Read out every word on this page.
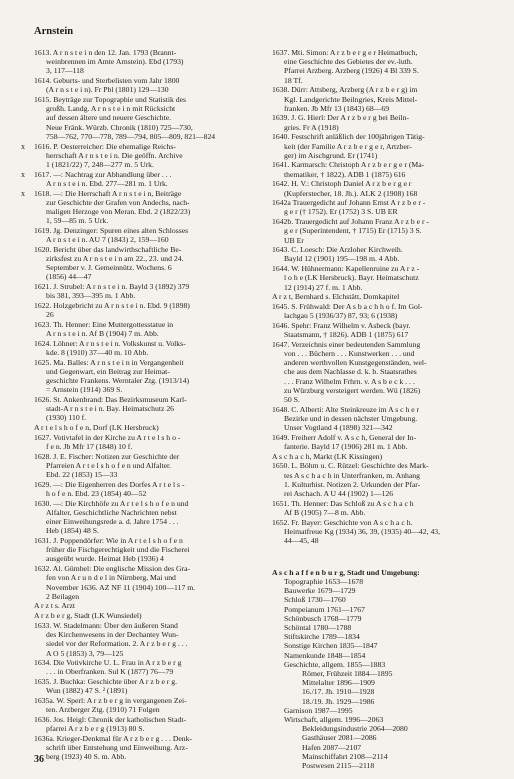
Arnstein
1613. A r n s t e i n den 12. Jan. 1793 (Brannt-
weinbrennen im Amte Arnstein). Ebd (1793)
3, 117—118
1614. Geburts- und Sterbelisten vom Jahr 1800
(A r n s t e i n). Fr Pbl (1801) 129—130
1615. Beyträge zur Topographie und Statistik des
großh. Landg. A r n s t e i n mit Rücksicht
auf dessen ältere und neuere Geschichte.
Neue Fränk. Würzb. Chronik (1810) 725—730,
758—762, 770—778, 789—794, 805—809, 821—824
x 1616. P. Oesterreicher: Die ehemalige Reichs-
herrschaft A r n s t e i n. Die geöffn. Archive
1 (1821/22) 7, 248—277 m. 5 Urk.
x 1617. —: Nachtrag zur Abhandlung über . . .
A r n s t e i n. Ebd. 277—281 m. 1 Urk.
x 1618. —: Die Herrschaft A r n s t e i n, Beiträge
zur Geschichte der Grafen von Andechs, nach-
maligen Herzoge von Meran. Ebd. 2 (1822/23)
1, 59—85 m. 5 Urk.
1619. Jg. Denzinger: Spuren eines alten Schlosses
A r n s t e i n. AU 7 (1843) 2, 159—160
1620. Bericht über das landwirthschaftliche Be-
zirksfest zu A r n s t e i n am 22., 23. und 24.
September v. J. Gemeinnütz. Wochens. 6
(1856) 44—47
1621. J. Strubel: A r n s t e i n. Bayld 3 (1892) 379
bis 381, 393—395 m. 1 Abb.
1622. Holzgebricht zu A r n s t e i n. Ebd. 9 (1898)
26
1623. Th. Henner: Eine Muttergottesstatue in
A r n s t e i n. Af B (1904) 7 m. Abb.
1624. Löhner: A r n s t e i n. Volkskunst u. Volks-
kde. 8 (1910) 37—40 m. 10 Abb.
1625. Ma. Balles: A r n s t e i n in Vergangenheit
und Gegenwart, ein Beitrag zur Heimat-
geschichte Frankens. Werntaler Ztg. (1913/14)
= Arnstein (1914) 369 S.
1626. St. Ankenbrand: Das Bezirksmuseum Karl-
stadt-A r n s t e i n. Bay. Heimatschutz 26
(1930) 110 f.
A r t e l s h o f e n, Dorf (LK Hersbruck)
1627. Votivtafel in der Kirche zu A r t e l s h o -
f e n. Jb Mfr 17 (1848) 10 f.
1628. J. E. Fischer: Notizen zur Geschichte der
Pfarreien A r t e l s h o f e n und Alfalter.
Ebd. 22 (1853) 15—33
1629. —: Die Eigenherren des Dorfes A r t e l s -
h o f e n. Ebd. 23 (1854) 40—52
1630. —: Die Kirchhöfe zu A r t e l s h o f e n und
Alfalter, Geschichtliche Nachrichten nebst
einer Einweihungsrede a. d. Jahre 1754 . . .
Heb (1854) 48 S.
1631. J. Poppendörfer: Wie in A r t e l s h o f e n
früher die Fischgerechtigkeit und die Fischerei
ausgeübt wurde. Heimat Heb (1936) 4
1632. Al. Gümbel: Die englische Mission des Gra-
fen von A r u n d e l in Nürnberg, Mai und
November 1636. AZ NF 11 (1904) 100—117 m.
2 Beilagen
A r z t s. Arzt
A r z b e r g, Stadt (LK Wunsiedel)
1633. W. Stadelmann: Über den äußeren Stand
des Kirchenwesens in der Dechantey Wun-
siedel vor der Reformation. 2. A r z b e r g . . .
A O 5 (1853) 3, 79—125
1634. Die Votivkirche U. L. Frau in A r z b e r g
. . . in Oberfranken. Sul K (1877) 76—79
1635. J. Buchka: Geschichte über A r z b e r g.
Wun (1882) 47 S. ² (1891)
1635a. W. Sperl: A r z b e r g in vergangenen Zei-
ten. Arzberger Ztg. (1910) 71 Folgen
1636. Jos. Heigl: Chronik der katholischen Stadt-
pfarrei A r z b e r g (1913) 80 S.
1636a. Krieger-Denkmal für A r z b e r g . . . Denk-
schrift über Entstehung und Einweihung. Arz-
berg (1923) 40 S. m. Abb.
1637. Mti. Simon: A r z b e r g e r Heimatbuch,
eine Geschichte des Gebietes der ev.-luth.
Pfarrei Arzberg. Arzberg (1926) 4 Bl 339 S.
18 Tf.
1638. Dürr: Attsberg, Arzberg (A r z b e r g) im
Kgl. Landgerichte Beilngries, Kreis Mittel-
franken. Jb Mfr 13 (1843) 68—69
1639. J. G. Hierl: Der A r z b e r g bei Beiln-
gries. Fr A (1918)
1640. Festschrift anläßlich der 100jährigen Tätig-
keit (der Familie A r z b e r g e r, Artzber-
ger) im Aischgrund. Er (1741)
1641. Karmarsch: Christoph A r z b e r g e r (Ma-
thematiker, † 1822). ADB 1 (1875) 616
1642. H. V.: Christoph Daniel A r z b e r g e r
(Kupferstecher, 18. Jh.). ALK 2 (1908) 168
1642a Trauergedicht auf Johann Ernst A r z b e r -
g e r († 1752). Er (1752) 3 S. UB ER
1642b. Trauergedicht auf Johann Franz A r z b e r -
g e r (Superintendent, † 1715) Er (1715) 3 S.
UB Er
1643. C. Loesch: Die Arzloher Kirchweih.
Bayld 12 (1901) 195—198 m. 4 Abb.
1644. W. Hühnermann: Kapellenruine zu A r z -
l o h e (LK Hersbruck). Bayr. Heimatschutz
12 (1914) 27 f. m. 1 Abb.
A r z t, Bernhard s. Elchstätt, Domkapitel
1645. S. Frühwald: Der A s b a c h h o f. Im Gol-
lachgau 5 (1936/37) 87, 93; 6 (1938)
1646. Spehr: Franz Wilhelm v. Asbeck (bayr.
Staatsmann, † 1826). ADB 1 (1875) 617
1647. Verzeichnis einer bedeutenden Sammlung
von . . . Büchern . . . Kunstwerken . . . und
anderen werthvollen Kunstgegenständen, wel-
che aus dem Nachlasse d. k. b. Staatsrathes
. . . Franz Wilhelm Frhrn. v. A s b e c k . . .
zu Würzburg versteigert werden. Wü (1826)
50 S.
1648. C. Alberti: Alte Steinkreuze im A s c h e r
Bezirke und in dessen nächster Umgebung.
Unser Vogtland 4 (1898) 321—342
1649. Freiherr Adolf v. A s c h, General der In-
fanterie. Bayld 17 (1906) 281 m. 1 Abb.
A s c h a c h, Markt (LK Kissingen)
1650. L. Böhm u. C. Rützel: Geschichte des Mark-
tes A s c h a c h in Unterfranken, m. Anhang
1. Kulturhist. Notizen 2. Urkunden der Pfar-
rei Aschach. A U 44 (1902) 1—126
1651. Th. Henner: Das Schloß zu A s c h a c h
Af B (1905) 7—8 m. Abb.
1652. Fr. Bayer: Geschichte von A s c h a c h.
Heimatfreue Kg (1934) 36, 39, (1935) 40—42, 43,
44—45, 48
A s c h a f f e n b u r g, Stadt und Umgebung:
Topographie 1653—1678
Bauwerke 1679—1729
Schloß 1730—1760
Pompeianum 1761—1767
Schönbusch 1768—1779
Schöntal 1780—1788
Stiftskirche 1789—1834
Sonstige Kirchen 1835—1847
Namenkunde 1848—1854
Geschichte, allgem. 1855—1883
Römer, Frühzeit 1884—1895
Mittelalter 1896—1909
16./17. Jh. 1910—1928
18./19. Jh. 1929—1986
Garnison 1987—1995
Wirtschaft, allgem. 1996—2063
Bekleidungsindustrie 2064—2080
Gasthäuser 2081—2086
Hafen 2087—2107
Mainschiffahrt 2108—2114
Postwesen 2115—2118
36
